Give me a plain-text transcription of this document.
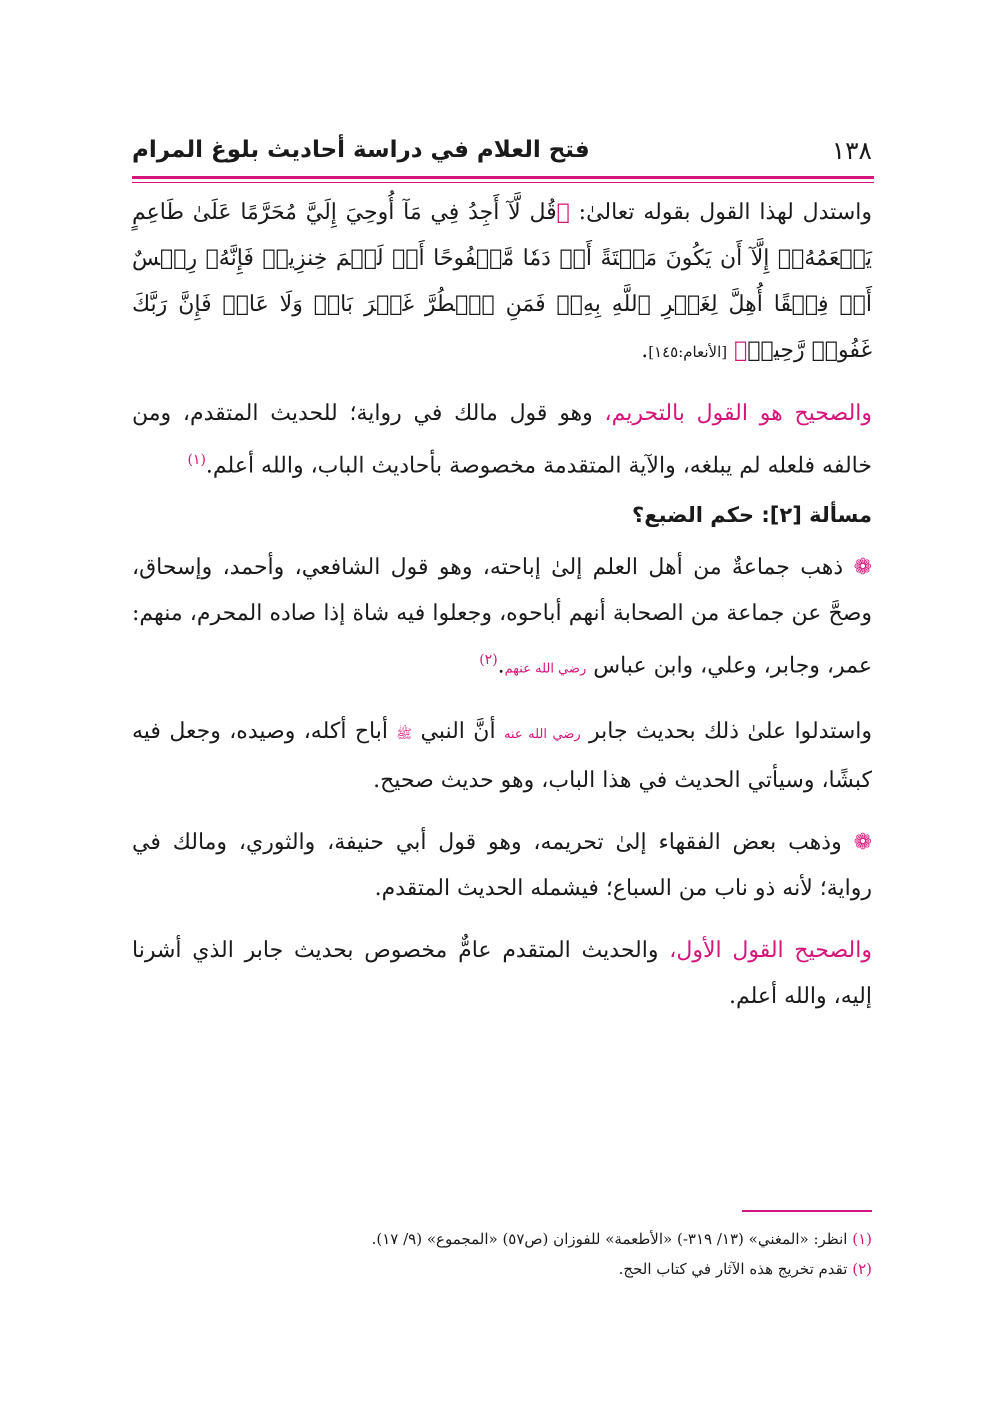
١٣٨
فتح العلام في دراسة أحاديث بلوغ المرام

واستدل لهذا القول بقوله تعالىٰ: ﴿قُل لَّآ أَجِدُ فِي مَآ أُوحِيَ إِلَيَّ مُحَرَّمًا عَلَىٰ طَاعِمٍ يَطۡعَمُهُۥٓ إِلَّآ أَن يَكُونَ مَيۡتَةً أَوۡ دَمٗا مَّسۡفُوحًا أَوۡ لَحۡمَ خِنزِيرٖ فَإِنَّهُۥ رِجۡسٌ أَوۡ فِسۡقًا أُهِلَّ لِغَيۡرِ ٱللَّهِ بِهِۦۚ فَمَنِ ٱضۡطُرَّ غَيۡرَ بَاغٖ وَلَا عَادٖ فَإِنَّ رَبَّكَ غَفُورٞ رَّحِيمٞ﴾ [الأنعام:١٤٥].

والصحيح هو القول بالتحريم، وهو قول مالك في رواية؛ للحديث المتقدم، ومن خالفه فلعله لم يبلغه، والآية المتقدمة مخصوصة بأحاديث الباب، والله أعلم.$^{(١)}$

مسألة [٢]: حكم الضبع؟

❁ ذهب جماعةٌ من أهل العلم إلىٰ إباحته، وهو قول الشافعي، وأحمد، وإسحاق، وصحَّ عن جماعة من الصحابة أنهم أباحوه، وجعلوا فيه شاة إذا صاده المحرم، منهم: عمر، وجابر، وعلي، وابن عباس رضي الله عنهم.$^{(٢)}$

واستدلوا علىٰ ذلك بحديث جابر رضي الله عنه أنَّ النبي ﷺ أباح أكله، وصيده، وجعل فيه كبشًا، وسيأتي الحديث في هذا الباب، وهو حديث صحيح.

❁ وذهب بعض الفقهاء إلىٰ تحريمه، وهو قول أبي حنيفة، والثوري، ومالك في رواية؛ لأنه ذو ناب من السباع؛ فيشمله الحديث المتقدم.

والصحيح القول الأول، والحديث المتقدم عامٌّ مخصوص بحديث جابر الذي أشرنا إليه، والله أعلم.

(١) انظر: «المغني» (١٣/ ٣١٩-) «الأطعمة» للفوزان (ص٥٧) «المجموع» (٩/ ١٧).
(٢) تقدم تخريج هذه الآثار في كتاب الحج.
